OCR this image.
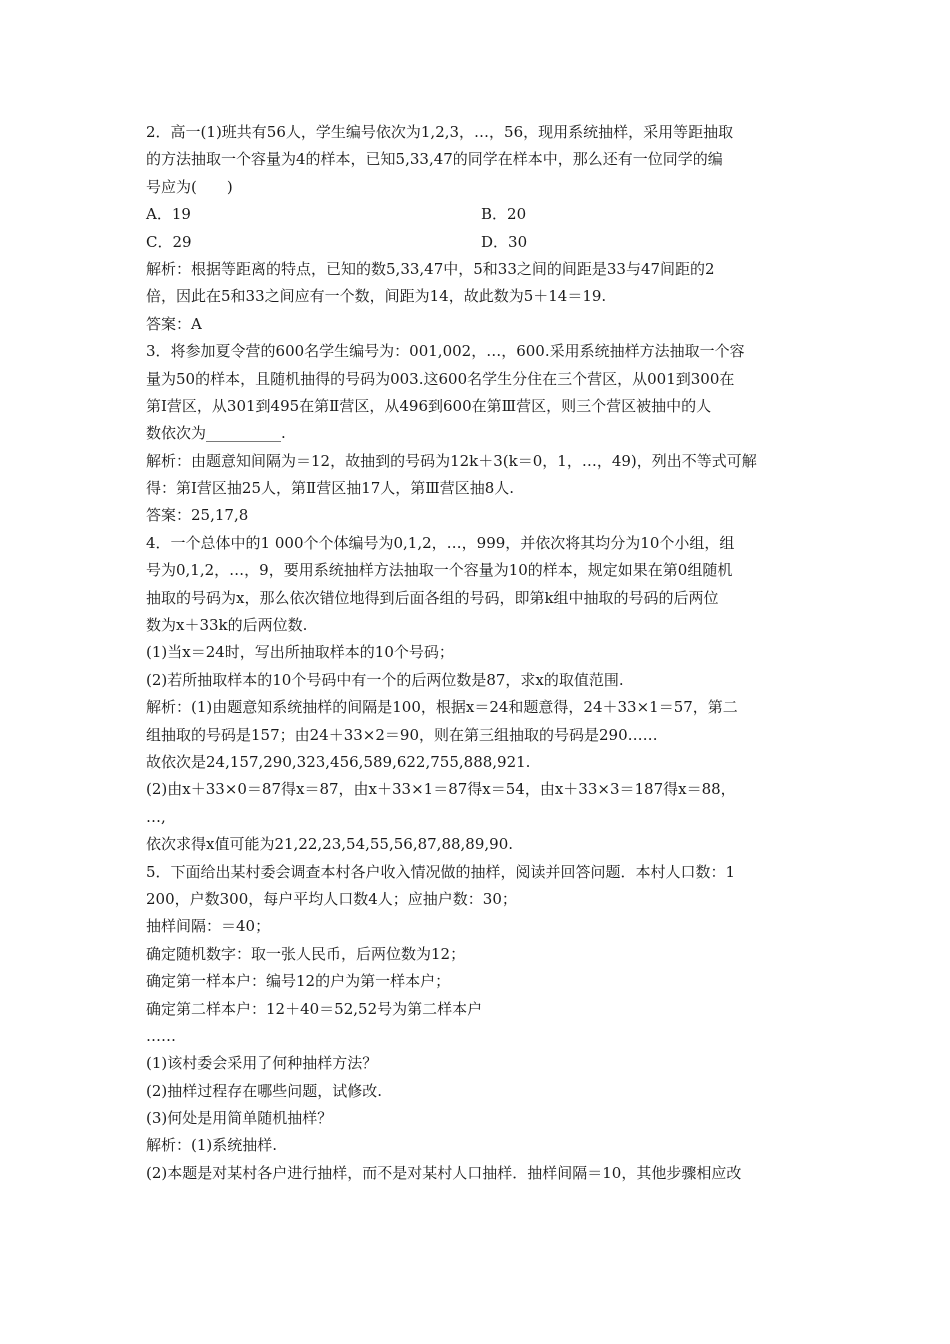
2．高一(1)班共有56人，学生编号依次为1,2,3，…，56，现用系统抽样，采用等距抽取
的方法抽取一个容量为4的样本，已知5,33,47的同学在样本中，那么还有一位同学的编
号应为(　　)
A．19	B．20
C．29	D．30
解析：根据等距离的特点，已知的数5,33,47中，5和33之间的间距是33与47间距的2
倍，因此在5和33之间应有一个数，间距为14，故此数为5＋14＝19.
答案：A
3．将参加夏令营的600名学生编号为：001,002，…，600.采用系统抽样方法抽取一个容
量为50的样本，且随机抽得的号码为003.这600名学生分住在三个营区，从001到300在
第Ⅰ营区，从301到495在第Ⅱ营区，从496到600在第Ⅲ营区，则三个营区被抽中的人
数依次为__________.
解析：由题意知间隔为＝12，故抽到的号码为12k＋3(k＝0，1，…，49)，列出不等式可解
得：第Ⅰ营区抽25人，第Ⅱ营区抽17人，第Ⅲ营区抽8人.
答案：25,17,8
4．一个总体中的1 000个个体编号为0,1,2，…，999，并依次将其均分为10个小组，组
号为0,1,2，…，9，要用系统抽样方法抽取一个容量为10的样本，规定如果在第0组随机
抽取的号码为x，那么依次错位地得到后面各组的号码，即第k组中抽取的号码的后两位
数为x＋33k的后两位数.
(1)当x＝24时，写出所抽取样本的10个号码；
(2)若所抽取样本的10个号码中有一个的后两位数是87，求x的取值范围.
解析：(1)由题意知系统抽样的间隔是100，根据x＝24和题意得，24＋33×1＝57，第二
组抽取的号码是157；由24＋33×2＝90，则在第三组抽取的号码是290……
故依次是24,157,290,323,456,589,622,755,888,921.
(2)由x＋33×0＝87得x＝87，由x＋33×1＝87得x＝54，由x＋33×3＝187得x＝88，
…,
依次求得x值可能为21,22,23,54,55,56,87,88,89,90.
5．下面给出某村委会调查本村各户收入情况做的抽样，阅读并回答问题．本村人口数：1
200，户数300，每户平均人口数4人；应抽户数：30；
抽样间隔：＝40；
确定随机数字：取一张人民币，后两位数为12；
确定第一样本户：编号12的户为第一样本户；
确定第二样本户：12＋40＝52,52号为第二样本户
……
(1)该村委会采用了何种抽样方法？
(2)抽样过程存在哪些问题，试修改.
(3)何处是用简单随机抽样？
解析：(1)系统抽样.
(2)本题是对某村各户进行抽样，而不是对某村人口抽样．抽样间隔＝10，其他步骤相应改
